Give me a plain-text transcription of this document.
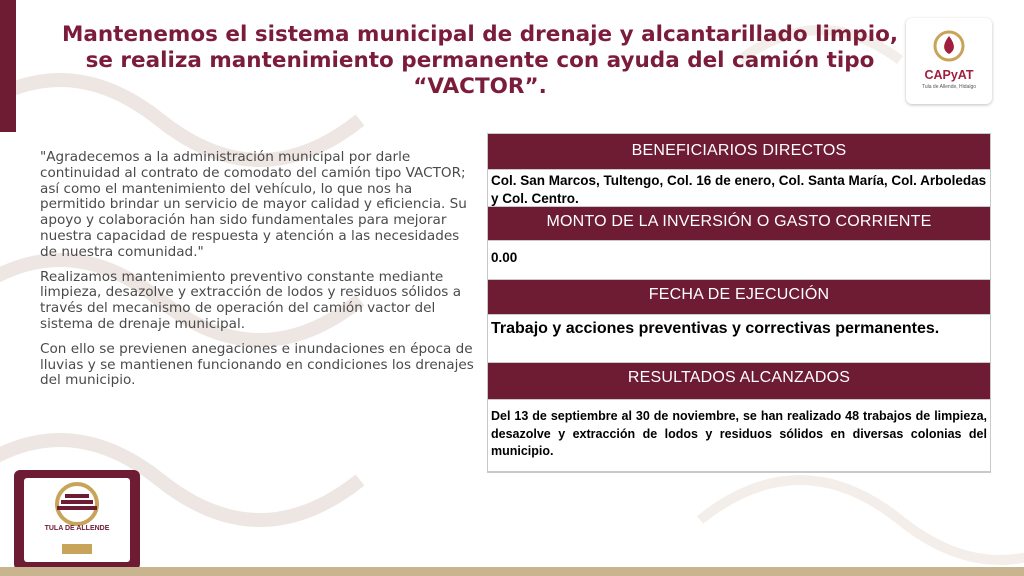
Mantenemos el sistema municipal de drenaje y alcantarillado limpio, se realiza mantenimiento permanente con ayuda del camión tipo “VACTOR”.	CAPyAT
Tula de Allende, Hidalgo

"Agradecemos a la administración municipal por darle continuidad al contrato de comodato del camión tipo VACTOR; así como el mantenimiento del vehículo, lo que nos ha permitido brindar un servicio de mayor calidad y eficiencia. Su apoyo y colaboración han sido fundamentales para mejorar nuestra capacidad de respuesta y atención a las necesidades de nuestra comunidad."

Realizamos mantenimiento preventivo constante mediante limpieza, desazolve y extracción de lodos y residuos sólidos a través del mecanismo de operación del camión vactor del sistema de drenaje municipal.

Con ello se previenen anegaciones e inundaciones en época de lluvias y se mantienen funcionando en condiciones los drenajes del municipio.

BENEFICIARIOS DIRECTOS
Col. San Marcos, Tultengo, Col. 16 de enero, Col. Santa María, Col. Arboledas y Col. Centro.
MONTO DE LA INVERSIÓN O GASTO CORRIENTE
0.00
FECHA DE EJECUCIÓN
Trabajo y acciones preventivas y correctivas permanentes.
RESULTADOS ALCANZADOS
Del 13 de septiembre al 30 de noviembre, se han realizado 48 trabajos de limpieza, desazolve y extracción de lodos y residuos sólidos en diversas colonias del municipio.
TULA DE ALLENDE
